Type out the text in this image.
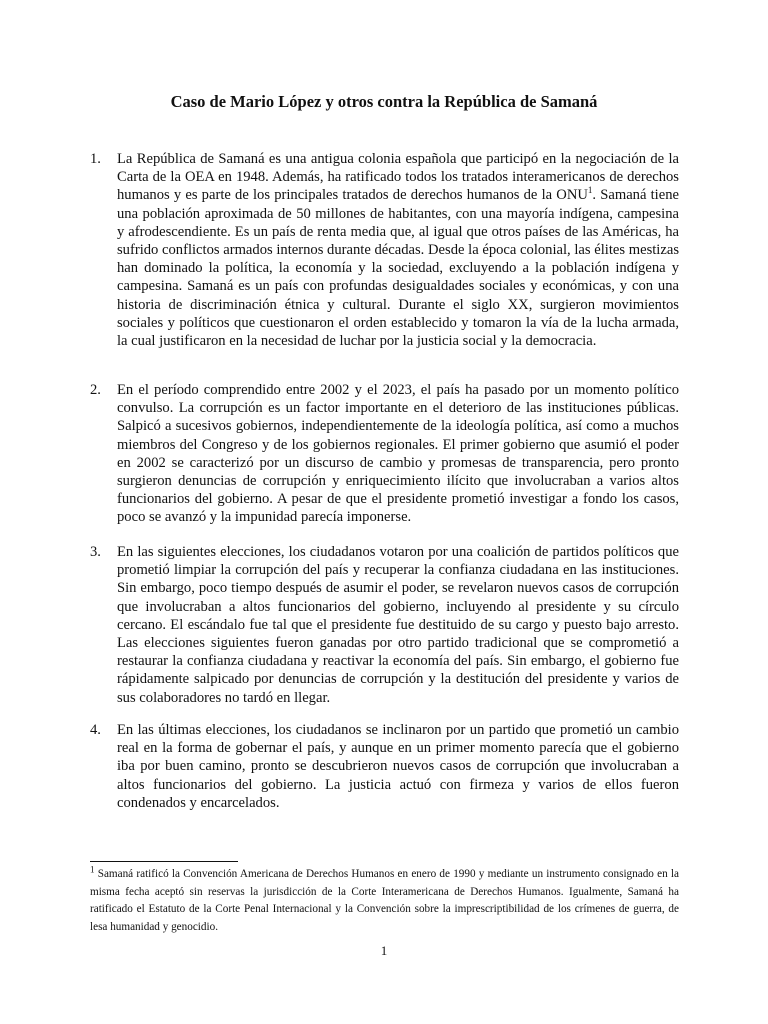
Caso de Mario López y otros contra la República de Samaná
1. La República de Samaná es una antigua colonia española que participó en la negociación de la Carta de la OEA en 1948. Además, ha ratificado todos los tratados interamericanos de derechos humanos y es parte de los principales tratados de derechos humanos de la ONU$^1$. Samaná tiene una población aproximada de 50 millones de habitantes, con una mayoría indígena, campesina y afrodescendiente. Es un país de renta media que, al igual que otros países de las Américas, ha sufrido conflictos armados internos durante décadas. Desde la época colonial, las élites mestizas han dominado la política, la economía y la sociedad, excluyendo a la población indígena y campesina. Samaná es un país con profundas desigualdades sociales y económicas, y con una historia de discriminación étnica y cultural. Durante el siglo XX, surgieron movimientos sociales y políticos que cuestionaron el orden establecido y tomaron la vía de la lucha armada, la cual justificaron en la necesidad de luchar por la justicia social y la democracia.

2. En el período comprendido entre 2002 y el 2023, el país ha pasado por un momento político convulso. La corrupción es un factor importante en el deterioro de las instituciones públicas. Salpicó a sucesivos gobiernos, independientemente de la ideología política, así como a muchos miembros del Congreso y de los gobiernos regionales. El primer gobierno que asumió el poder en 2002 se caracterizó por un discurso de cambio y promesas de transparencia, pero pronto surgieron denuncias de corrupción y enriquecimiento ilícito que involucraban a varios altos funcionarios del gobierno. A pesar de que el presidente prometió investigar a fondo los casos, poco se avanzó y la impunidad parecía imponerse.

3. En las siguientes elecciones, los ciudadanos votaron por una coalición de partidos políticos que prometió limpiar la corrupción del país y recuperar la confianza ciudadana en las instituciones. Sin embargo, poco tiempo después de asumir el poder, se revelaron nuevos casos de corrupción que involucraban a altos funcionarios del gobierno, incluyendo al presidente y su círculo cercano. El escándalo fue tal que el presidente fue destituido de su cargo y puesto bajo arresto. Las elecciones siguientes fueron ganadas por otro partido tradicional que se comprometió a restaurar la confianza ciudadana y reactivar la economía del país. Sin embargo, el gobierno fue rápidamente salpicado por denuncias de corrupción y la destitución del presidente y varios de sus colaboradores no tardó en llegar.

4. En las últimas elecciones, los ciudadanos se inclinaron por un partido que prometió un cambio real en la forma de gobernar el país, y aunque en un primer momento parecía que el gobierno iba por buen camino, pronto se descubrieron nuevos casos de corrupción que involucraban a altos funcionarios del gobierno. La justicia actuó con firmeza y varios de ellos fueron condenados y encarcelados.

$^1$ Samaná ratificó la Convención Americana de Derechos Humanos en enero de 1990 y mediante un instrumento consignado en la misma fecha aceptó sin reservas la jurisdicción de la Corte Interamericana de Derechos Humanos. Igualmente, Samaná ha ratificado el Estatuto de la Corte Penal Internacional y la Convención sobre la imprescriptibilidad de los crímenes de guerra, de lesa humanidad y genocidio.

1
